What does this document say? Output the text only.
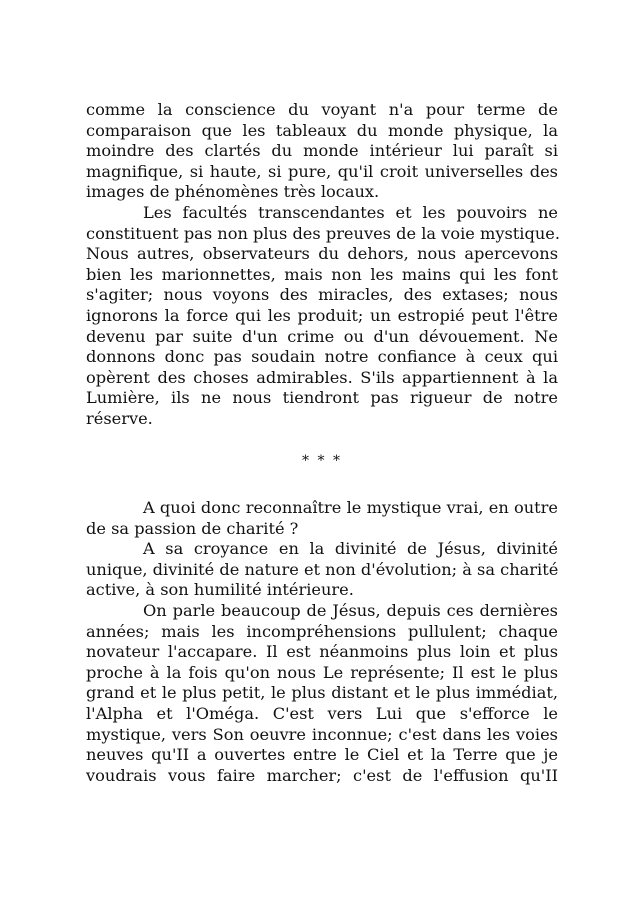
comme la conscience du voyant n'a pour terme de
comparaison que les tableaux du monde physique, la
moindre des clartés du monde intérieur lui paraît si
magnifique, si haute, si pure, qu'il croit universelles des
images de phénomènes très locaux.
Les facultés transcendantes et les pouvoirs ne
constituent pas non plus des preuves de la voie mystique.
Nous autres, observateurs du dehors, nous apercevons
bien les marionnettes, mais non les mains qui les font
s'agiter; nous voyons des miracles, des extases; nous
ignorons la force qui les produit; un estropié peut l'être
devenu par suite d'un crime ou d'un dévouement. Ne
donnons donc pas soudain notre confiance à ceux qui
opèrent des choses admirables. S'ils appartiennent à la
Lumière, ils ne nous tiendront pas rigueur de notre
réserve.
* * *
A quoi donc reconnaître le mystique vrai, en outre
de sa passion de charité ?
A sa croyance en la divinité de Jésus, divinité
unique, divinité de nature et non d'évolution; à sa charité
active, à son humilité intérieure.
On parle beaucoup de Jésus, depuis ces dernières
années; mais les incompréhensions pullulent; chaque
novateur l'accapare. Il est néanmoins plus loin et plus
proche à la fois qu'on nous Le représente; Il est le plus
grand et le plus petit, le plus distant et le plus immédiat,
l'Alpha et l'Oméga. C'est vers Lui que s'efforce le
mystique, vers Son oeuvre inconnue; c'est dans les voies
neuves qu'II a ouvertes entre le Ciel et la Terre que je
voudrais vous faire marcher; c'est de l'effusion qu'II
